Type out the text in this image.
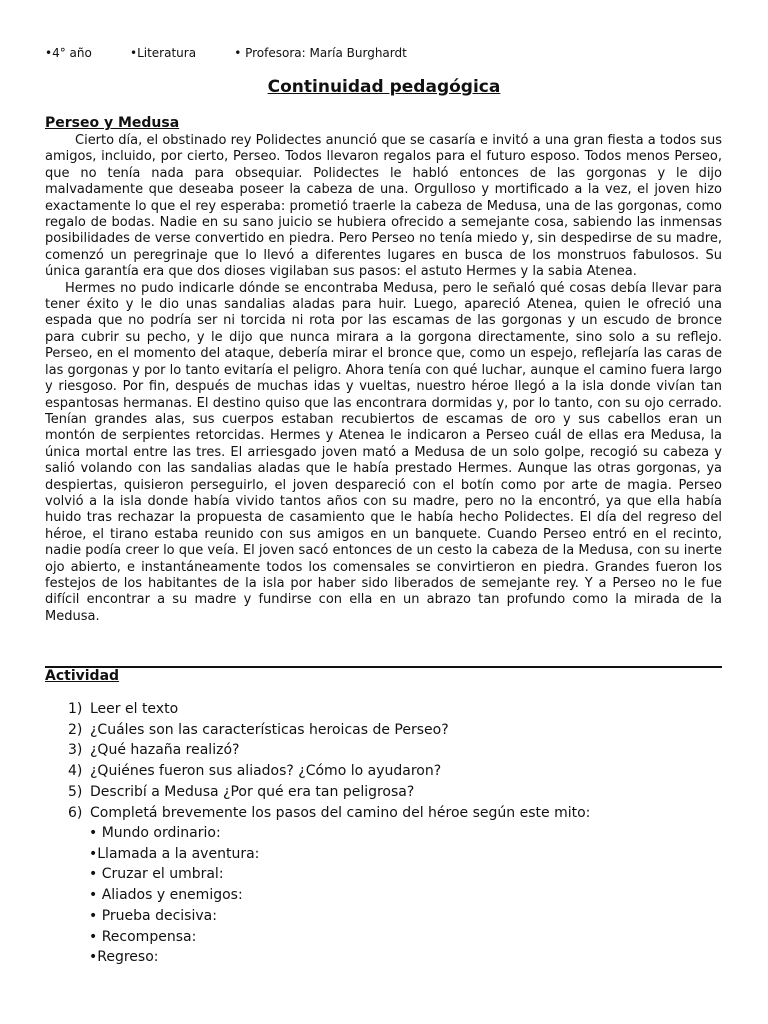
•4° año	•Literatura	• Profesora: María Burghardt
Continuidad pedagógica
Perseo y Medusa

Cierto día, el obstinado rey Polidectes anunció que se casaría e invitó a una gran fiesta a todos sus amigos, incluido, por cierto, Perseo. Todos llevaron regalos para el futuro esposo. Todos menos Perseo, que no tenía nada para obsequiar. Polidectes le habló entonces de las gorgonas y le dijo malvadamente que deseaba poseer la cabeza de una. Orgulloso y mortificado a la vez, el joven hizo exactamente lo que el rey esperaba: prometió traerle la cabeza de Medusa, una de las gorgonas, como regalo de bodas. Nadie en su sano juicio se hubiera ofrecido a semejante cosa, sabiendo las inmensas posibilidades de verse convertido en piedra. Pero Perseo no tenía miedo y, sin despedirse de su madre, comenzó un peregrinaje que lo llevó a diferentes lugares en busca de los monstruos fabulosos. Su única garantía era que dos dioses vigilaban sus pasos: el astuto Hermes y la sabia Atenea.

Hermes no pudo indicarle dónde se encontraba Medusa, pero le señaló qué cosas debía llevar para tener éxito y le dio unas sandalias aladas para huir. Luego, apareció Atenea, quien le ofreció una espada que no podría ser ni torcida ni rota por las escamas de las gorgonas y un escudo de bronce para cubrir su pecho, y le dijo que nunca mirara a la gorgona directamente, sino solo a su reflejo. Perseo, en el momento del ataque, debería mirar el bronce que, como un espejo, reflejaría las caras de las gorgonas y por lo tanto evitaría el peligro. Ahora tenía con qué luchar, aunque el camino fuera largo y riesgoso. Por fin, después de muchas idas y vueltas, nuestro héroe llegó a la isla donde vivían tan espantosas hermanas. El destino quiso que las encontrara dormidas y, por lo tanto, con su ojo cerrado. Tenían grandes alas, sus cuerpos estaban recubiertos de escamas de oro y sus cabellos eran un montón de serpientes retorcidas. Hermes y Atenea le indicaron a Perseo cuál de ellas era Medusa, la única mortal entre las tres. El arriesgado joven mató a Medusa de un solo golpe, recogió su cabeza y salió volando con las sandalias aladas que le había prestado Hermes. Aunque las otras gorgonas, ya despiertas, quisieron perseguirlo, el joven despareció con el botín como por arte de magia. Perseo volvió a la isla donde había vivido tantos años con su madre, pero no la encontró, ya que ella había huido tras rechazar la propuesta de casamiento que le había hecho Polidectes. El día del regreso del héroe, el tirano estaba reunido con sus amigos en un banquete. Cuando Perseo entró en el recinto, nadie podía creer lo que veía. El joven sacó entonces de un cesto la cabeza de la Medusa, con su inerte ojo abierto, e instantáneamente todos los comensales se convirtieron en piedra. Grandes fueron los festejos de los habitantes de la isla por haber sido liberados de semejante rey. Y a Perseo no le fue difícil encontrar a su madre y fundirse con ella en un abrazo tan profundo como la mirada de la Medusa.

Actividad
1) Leer el texto
2) ¿Cuáles son las características heroicas de Perseo?
3) ¿Qué hazaña realizó?
4) ¿Quiénes fueron sus aliados? ¿Cómo lo ayudaron?
5) Describí a Medusa ¿Por qué era tan peligrosa?
6) Completá brevemente los pasos del camino del héroe según este mito:
• Mundo ordinario:
•Llamada a la aventura:
• Cruzar el umbral:
• Aliados y enemigos:
• Prueba decisiva:
• Recompensa:
•Regreso:
